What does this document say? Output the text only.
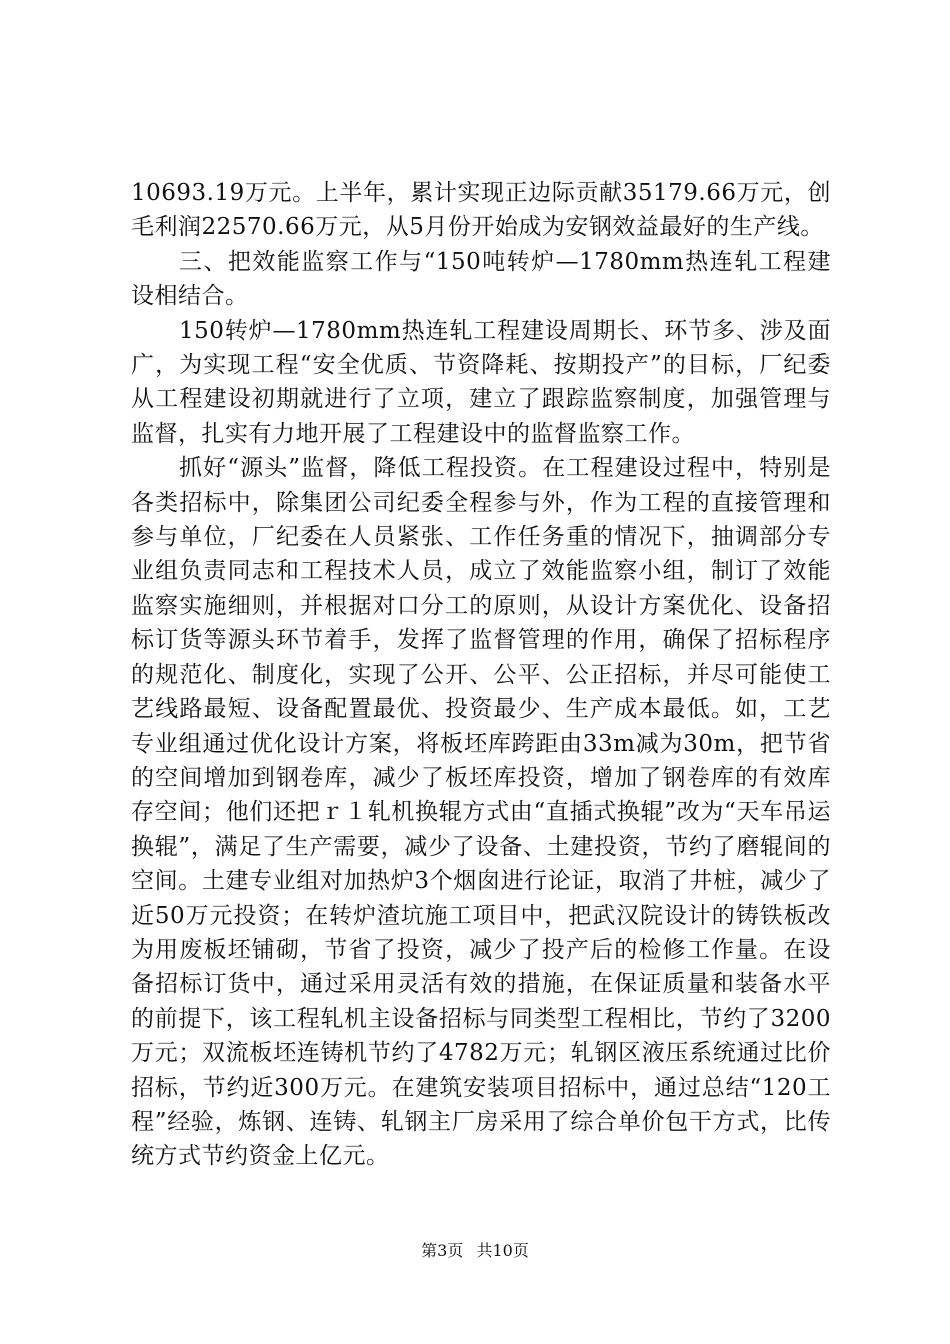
10693.19万元。上半年，累计实现正边际贡献35179.66万元，创毛利润22570.66万元，从5月份开始成为安钢效益最好的生产线。

三、把效能监察工作与“150吨转炉—1780mm热连轧工程建设相结合。

150转炉—1780mm热连轧工程建设周期长、环节多、涉及面广，为实现工程“安全优质、节资降耗、按期投产”的目标，厂纪委从工程建设初期就进行了立项，建立了跟踪监察制度，加强管理与监督，扎实有力地开展了工程建设中的监督监察工作。

抓好“源头”监督，降低工程投资。在工程建设过程中，特别是各类招标中，除集团公司纪委全程参与外，作为工程的直接管理和参与单位，厂纪委在人员紧张、工作任务重的情况下，抽调部分专业组负责同志和工程技术人员，成立了效能监察小组，制订了效能监察实施细则，并根据对口分工的原则，从设计方案优化、设备招标订货等源头环节着手，发挥了监督管理的作用，确保了招标程序的规范化、制度化，实现了公开、公平、公正招标，并尽可能使工艺线路最短、设备配置最优、投资最少、生产成本最低。如，工艺专业组通过优化设计方案，将板坯库跨距由33m减为30m，把节省的空间增加到钢卷库，减少了板坯库投资，增加了钢卷库的有效库存空间；他们还把ｒ１轧机换辊方式由“直插式换辊”改为“天车吊运换辊”，满足了生产需要，减少了设备、土建投资，节约了磨辊间的空间。土建专业组对加热炉3个烟囱进行论证，取消了井桩，减少了近50万元投资；在转炉渣坑施工项目中，把武汉院设计的铸铁板改为用废板坯铺砌，节省了投资，减少了投产后的检修工作量。在设备招标订货中，通过采用灵活有效的措施，在保证质量和装备水平的前提下，该工程轧机主设备招标与同类型工程相比，节约了3200万元；双流板坯连铸机节约了4782万元；轧钢区液压系统通过比价招标，节约近300万元。在建筑安装项目招标中，通过总结“120工程”经验，炼钢、连铸、轧钢主厂房采用了综合单价包干方式，比传统方式节约资金上亿元。

第3页 共10页
